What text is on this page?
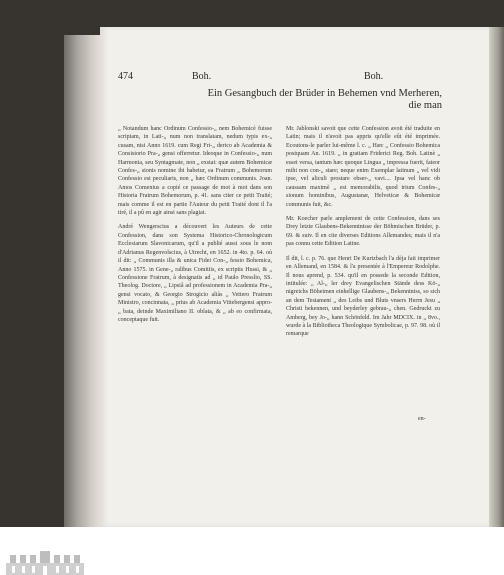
474	Boh.	Boh.
Ein Gesangbuch der Brüder in Behemen vnd Merheren, die man

„ Notandum hanc Ordinum Confessio-„ nem Bohemicè fuisse scriptam, in Lati-„ num non translatam, nedum typis ex-„ cusam, nisi Anno 1619. cum Regi Fri-„ derico ab Academia & Consistorio Pra-„ gensi offerretur. Ideoque in Confessio-„ num Harmonia, seu Syntagmate, non „ exstat: quæ autem Bohemicæ Confes-„ sionis nomine ibi habetur, ea Fratrum „ Bohemorum Confessio est peculiaris, non „ hæc Ordinum communis. Joan. Amos Comenius a copié ce passage de mot à mot dans son Historia Fratrum Bohemorum, p. 41. sans citer ce petit Traité; mais comme il est en partie l'Auteur du petit Traité dont il l'a tiré, il a pû en agir ainsi sans plagiat.

André Wengerscius a découvert les Auteurs de cette Confession, dans son Systema Historico-Chronologicum Ecclesiarum Slavonicarum, qu'il a publié aussi sous le nom d'Adrianus Regenvolscius, à Utrecht, en 1652. in 4to. p. 64. où il dit: „ Communis illa & unica Fidei Con-„ fessio Bohemica, Anno 1575. in Gene-„ ralibus Comitiis, ex scriptis Hussi, & „ Confessione Fratrum, à designatis ad „ id Paulo Presslio, SS. Theolog. Doctore, „ Lipsiâ ad professionem in Academia Pra-„ gensi vocato, & Georgio Strogicio aliàs „ Vettero Fratrum Ministro, concinnata, „ prius ab Academia Vittebergensi appro-„ bata, deinde Maximiliano II. oblata, & „ ab eo confirmata, conceptaque fuit.

Mr. Jablonski savoit que cette Confession avoit été traduite en Latin; mais il n'avoit pas appris qu'elle eût été imprimée. Ecoutons-le parler lui-même l. c. „ Hæc „ Confessio Bohemica postquam An. 1619. „ in gratiam Friderici Reg. Boh. Latinè „ esset versa, tantum hæc quoque Lingua „ impressa fuerit, fateor mihi non con-„ stare; neque enim Exemplar latinum „ vel vidi ipse, vel aliculi prostare obser-„ vavi.... Ipsa vel hanc ob caussam maximè „ est memorabilis, quod trium Confes-„ sionum hominibus, Augustanæ, Helveticæ & Bohemicæ communis fuit, &c.

Mr. Koecher parle amplement de cette Confession, dans ses Drey letzte Glaubens-Bekenntnisse der Böhmischen Brüder, p. 69. & suiv. Il en cite diverses Editions Allemandes; mais il n'a pas connu cette Edition Latine.

Il dit, l. c. p. 76. que Henri De Kurtzbach l'a déja fait imprimer en Allemand, en 1584. & l'a presentée à l'Empereur Rodolphe. Il nous aprend, p. 534. qu'il en possede la seconde Edition, intitulée: „ Al-„ ler drey Evangelischen Stände dess Kö-„ nigreichs Böheimen einhellige Glaubens-„ Bekenntniss, so sich an dem Testament „ des Leibs und Bluts vnsers Herrn Jesu „ Christi bekennen, und beyderley gebrau-„ chen. Gedruckt zu Amberg, bey Jo-„ hann Schönfeld. Im Jahr MDCIX. in „ 8vo., wurde à la Bibliotheca Theologique Symbolicae, p. 97. 98. où il remarque

en-
